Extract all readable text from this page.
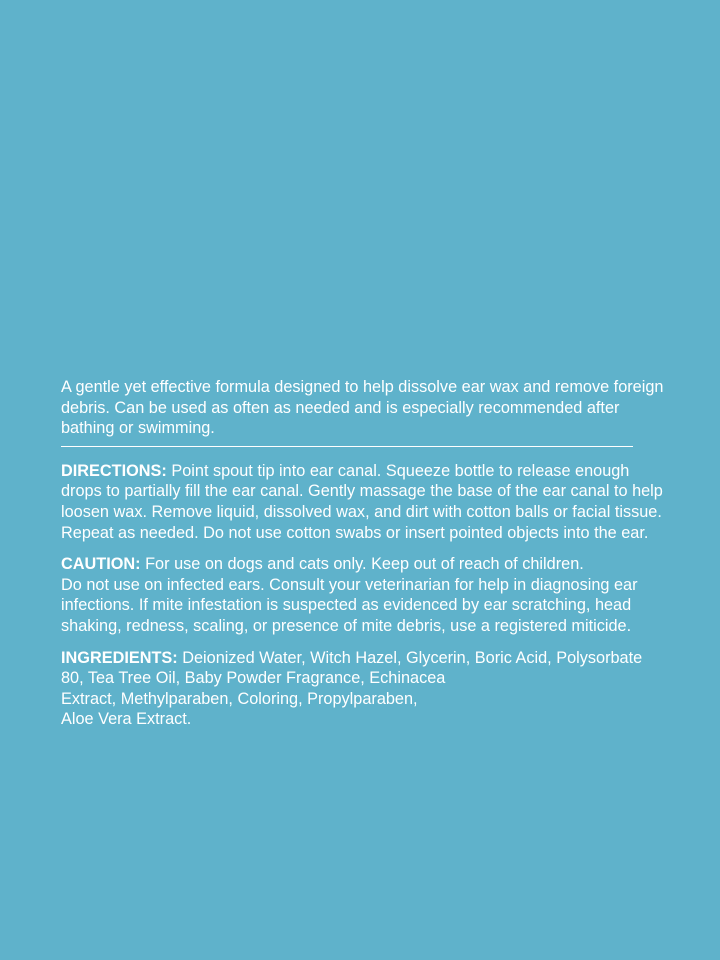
A gentle yet effective formula designed to help dissolve ear wax and remove foreign
debris. Can be used as often as needed and is especially recommended after
bathing or swimming.

DIRECTIONS: Point spout tip into ear canal. Squeeze bottle to release enough
drops to partially fill the ear canal. Gently massage the base of the ear canal to help
loosen wax. Remove liquid, dissolved wax, and dirt with cotton balls or facial tissue.
Repeat as needed. Do not use cotton swabs or insert pointed objects into the ear.

CAUTION: For use on dogs and cats only. Keep out of reach of children.
Do not use on infected ears. Consult your veterinarian for help in diagnosing ear
infections. If mite infestation is suspected as evidenced by ear scratching, head
shaking, redness, scaling, or presence of mite debris, use a registered miticide.

INGREDIENTS: Deionized Water, Witch Hazel, Glycerin, Boric Acid, Polysorbate
80, Tea Tree Oil, Baby Powder Fragrance, Echinacea
Extract, Methylparaben, Coloring, Propylparaben,
Aloe Vera Extract.
